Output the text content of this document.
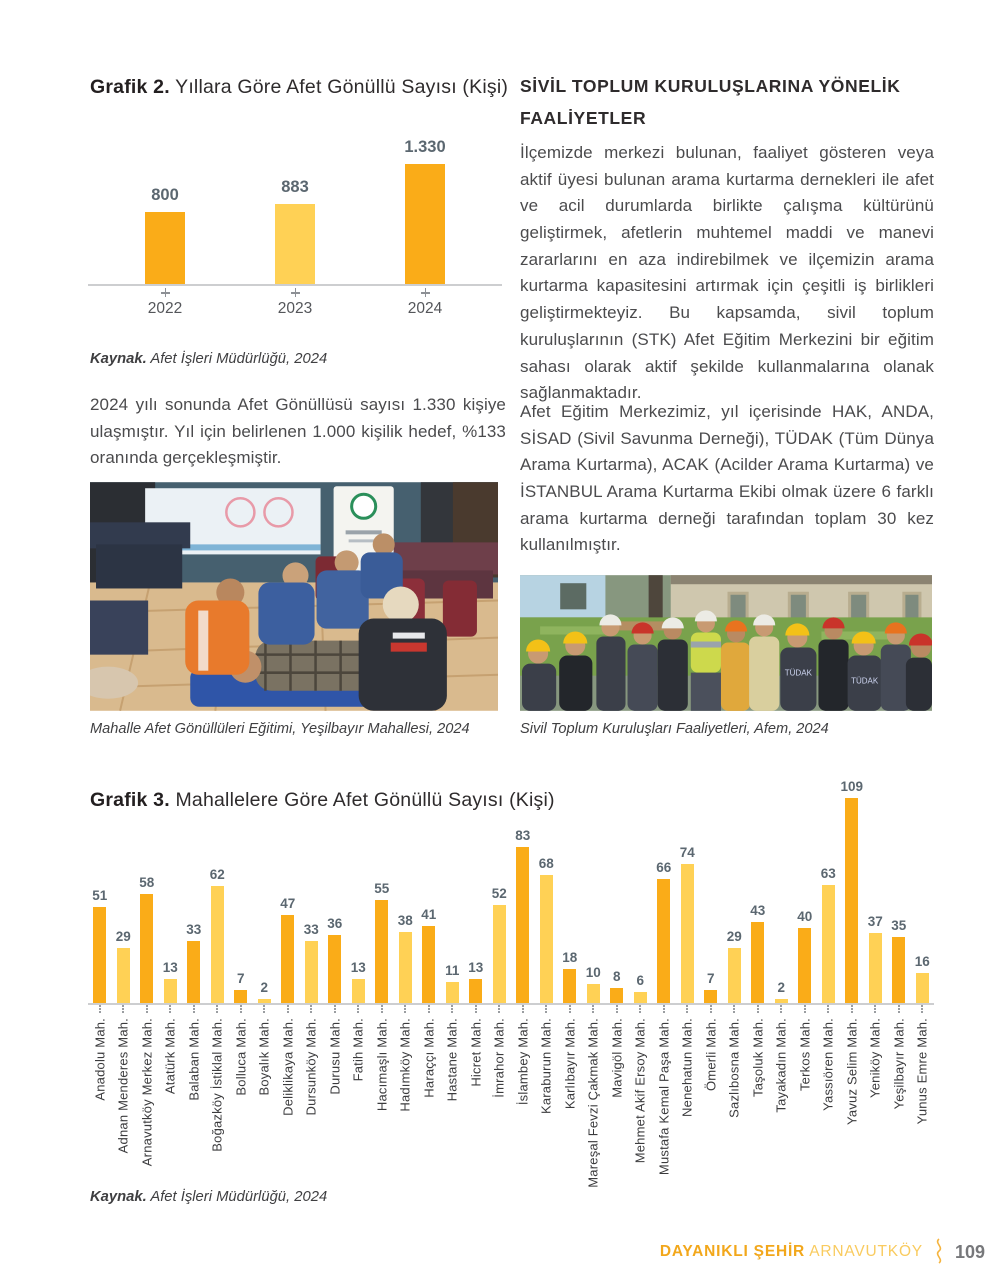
Grafik 2. Yıllara Göre Afet Gönüllü Sayısı (Kişi)
800	883
1.330
2022	2023	2024
Kaynak. Afet İşleri Müdürlüğü, 2024
2024 yılı sonunda Afet Gönüllüsü sayısı 1.330 kişiye ulaşmıştır. Yıl için belirlenen 1.000 kişilik hedef, %133 oranında gerçekleşmiştir.
Mahalle Afet Gönüllüleri Eğitimi, Yeşilbayır Mahallesi, 2024
SİVİL TOPLUM KURULUŞLARINA YÖNELİK FAALİYETLER
İlçemizde merkezi bulunan, faaliyet gösteren veya aktif üyesi bulunan arama kurtarma dernekleri ile afet ve acil durumlarda birlikte çalışma kültürünü geliştirmek, afetlerin muhtemel maddi ve manevi zararlarını en aza indirebilmek ve ilçemizin arama kurtarma kapasitesini artırmak için çeşitli iş birlikleri geliştirmekteyiz. Bu kapsamda, sivil toplum kuruluşlarının (STK) Afet Eğitim Merkezini bir eğitim sahası olarak aktif şekilde kullanmalarına olanak sağlanmaktadır.
Afet Eğitim Merkezimiz, yıl içerisinde HAK, ANDA, SİSAD (Sivil Savunma Derneği), TÜDAK (Tüm Dünya Arama Kurtarma), ACAK (Acilder Arama Kurtarma) ve İSTANBUL Arama Kurtarma Ekibi olmak üzere 6 farklı arama kurtarma derneği tarafından toplam 30 kez kullanılmıştır.
TÜDAK
TÜDAK
Sivil Toplum Kuruluşları Faaliyetleri, Afem, 2024
Grafik 3. Mahallelere Göre Afet Gönüllü Sayısı (Kişi)
51
29
58
13
33
62
7
2
47
33 36
13
55
38 41
11 13
52
83
68
18
10 8 6
66
74
7
29
43
2
40
63
109
37 35
16
Anadolu Mah. Adnan Menderes Mah. Arnavutköy Merkez Mah. Atatürk Mah. Balaban Mah. Boğazköy İstiklal Mah. Bolluca Mah. Boyalık Mah. Deliklikaya Mah. Dursunköy Mah. Durusu Mah. Fatih Mah. Hacımaşlı Mah. Hadımköy Mah. Haraççı Mah. Hastane Mah. Hicret Mah. İmrahor Mah. İslambey Mah. Karaburun Mah. Karlıbayır Mah. Mareşal Fevzi Çakmak Mah. Mavigöl Mah. Mehmet Akif Ersoy Mah. Mustafa Kemal Paşa Mah. Nenehatun Mah. Ömerli Mah. Sazlıbosna Mah. Taşoluk Mah. Tayakadın Mah. Terkos Mah. Yassıören Mah. Yavuz Selim Mah. Yeniköy Mah. Yeşilbayır Mah. Yunus Emre Mah.
Kaynak. Afet İşleri Müdürlüğü, 2024
DAYANIKLI ŞEHİR ARNAVUTKÖY 109
